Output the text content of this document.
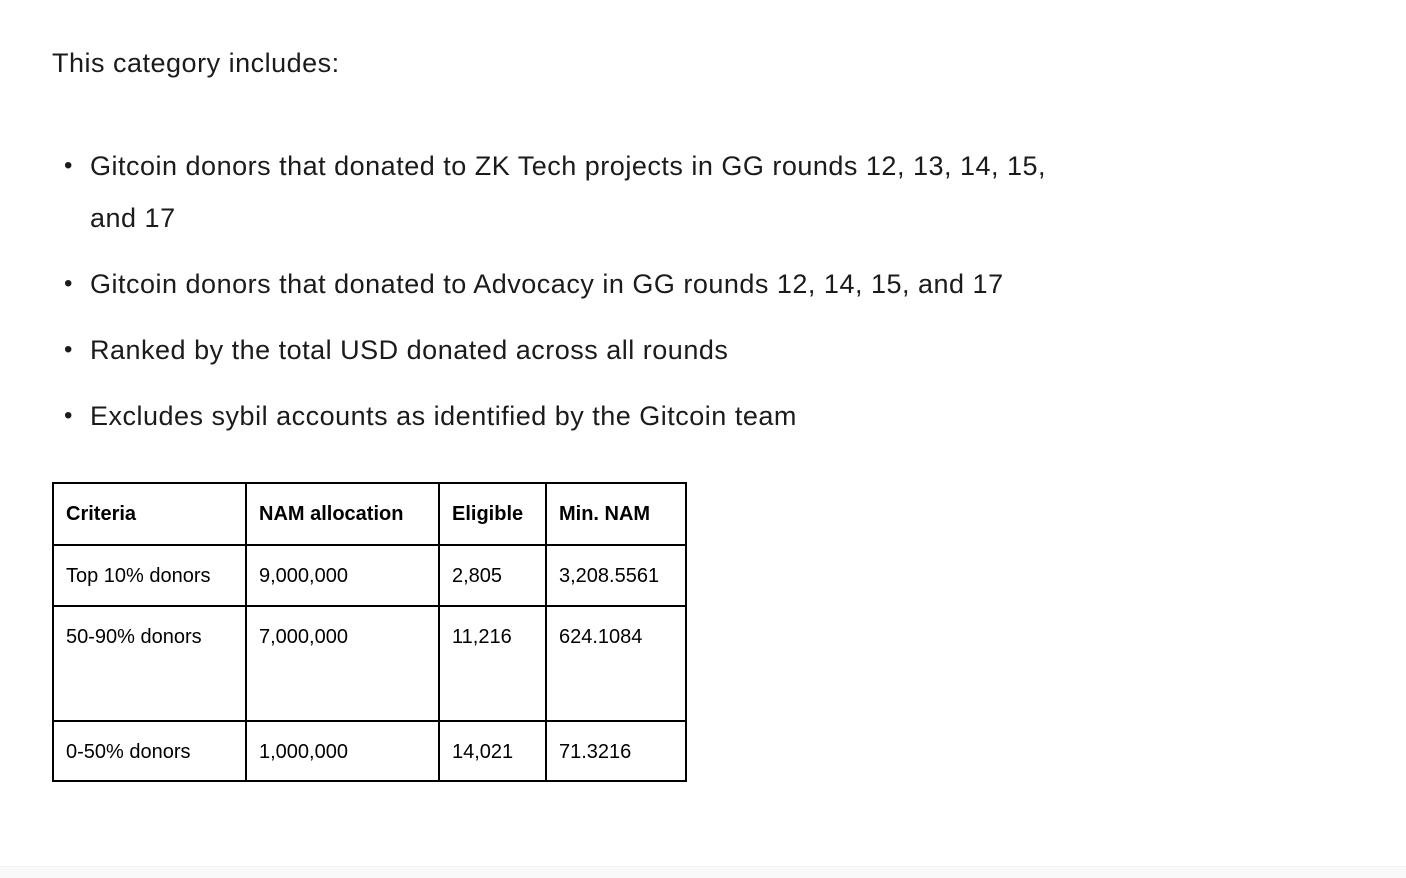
This category includes:

• Gitcoin donors that donated to ZK Tech projects in GG rounds 12, 13, 14, 15, and 17
• Gitcoin donors that donated to Advocacy in GG rounds 12, 14, 15, and 17
• Ranked by the total USD donated across all rounds
• Excludes sybil accounts as identified by the Gitcoin team
Criteria	NAM allocation	Eligible	Min. NAM
Top 10% donors	9,000,000	2,805	3,208.5561
50-90% donors	7,000,000	11,216	624.1084
0-50% donors	1,000,000	14,021	71.3216
